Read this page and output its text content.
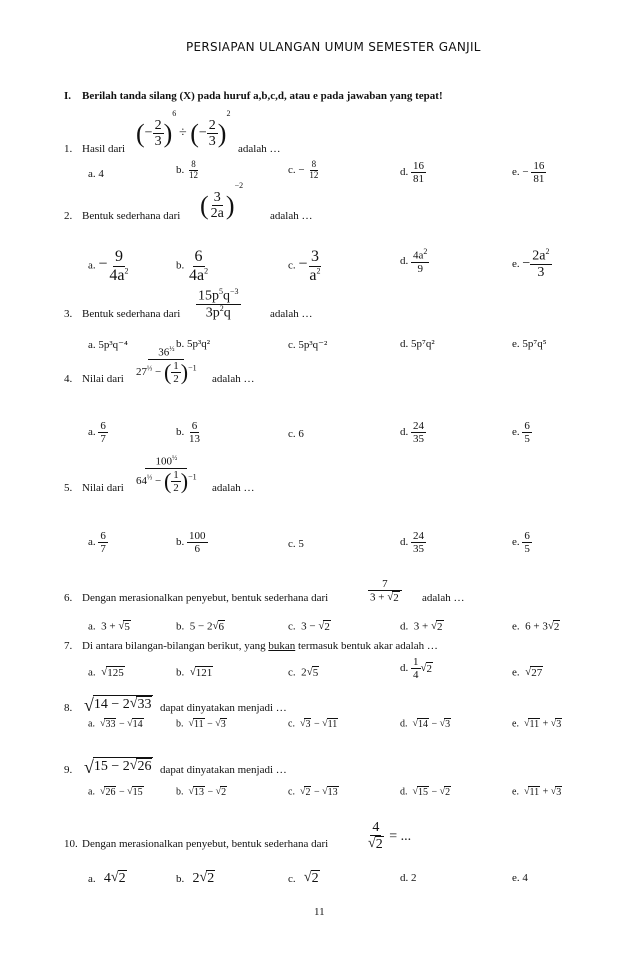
PERSIAPAN ULANGAN UMUM SEMESTER GANJIL
I. Berilah tanda silang (X) pada huruf a,b,c,d, atau e pada jawaban yang tepat!
1. Hasil dari
(− $\frac{2}{3} )^6$ ÷ (− $\frac{2}{3} )^2$
adalah …
a. 4	b. $\frac{8}{12}$	c. − $\frac{8}{12}$	d. $\frac{16}{81}$	e. − $\frac{16}{81}$
2. Bentuk sederhana dari ( $\frac{3}{2a} )^{-2}$
adalah …
a. − $\frac{9}{4a^2}$	b. $\frac{6}{4a^2}$	c. − $\frac{3}{a^2}$	d. $\frac{4a^2}{9}$	e. − $\frac{2a^2}{3}$
3. Bentuk sederhana dari $\frac{15p^5q^{-3}}{3p^2q}$	adalah …
a. 5p³q⁻⁴	b. 5p³q²	c. 5p³q⁻²	d. 5p⁷q²	e. 5p⁷q⁵
4. Nilai dari $\frac{36^{\frac{1}{2}}}{27^{\frac{1}{3}} - ( \frac{1}{2} )^{-1}}$ adalah …
a. $\frac{6}{7}$	b. $\frac{6}{13}$	c. 6	d. $\frac{24}{35}$	e. $\frac{6}{5}$
5. Nilai dari $\frac{100^{\frac{1}{2}}}{64^{\frac{1}{3}} - ( \frac{1}{2} )^{-1}}$ adalah …
a. $\frac{6}{7}$	b. $\frac{100}{6}$	c. 5	d. $\frac{24}{35}$	e. $\frac{6}{5}$
6. Dengan merasionalkan penyebut, bentuk sederhana dari	$\frac{7}{3 + √ 2}$ adalah …
a.  3 + √ 5	b.  5 − 2 √ 6	c.  3 − √ 2	d.  3 + √ 2	e.  6 + 3 √ 2
7. Di antara bilangan-bilangan berikut, yang bukan termasuk bentuk akar adalah …
a. √ 125	b. √ 121	c.  2 √ 5	d. $\frac{1}{4}$ √ 2	e. √ 27
8. √ 14 − 2 √ 33 dapat dinyatakan menjadi …
a. √ 33 − √ 14	b. √ 11 − √ 3	c. √ 3 − √ 11	d. √ 14 − √ 3	e. √ 11 + √ 3
9. √ 15 − 2 √ 26 dapat dinyatakan menjadi …
a. √ 26 − √ 15	b. √ 13 − √ 2	c. √ 2 − √ 13	d. √ 15 − √ 2	e. √ 11 + √ 3
10. Dengan merasionalkan penyebut, bentuk sederhana dari	$\frac{4}{√ 2}$ = ...
a. 4 √ 2	b. 2 √ 2	c. √ 2	d. 2	e. 4
11
